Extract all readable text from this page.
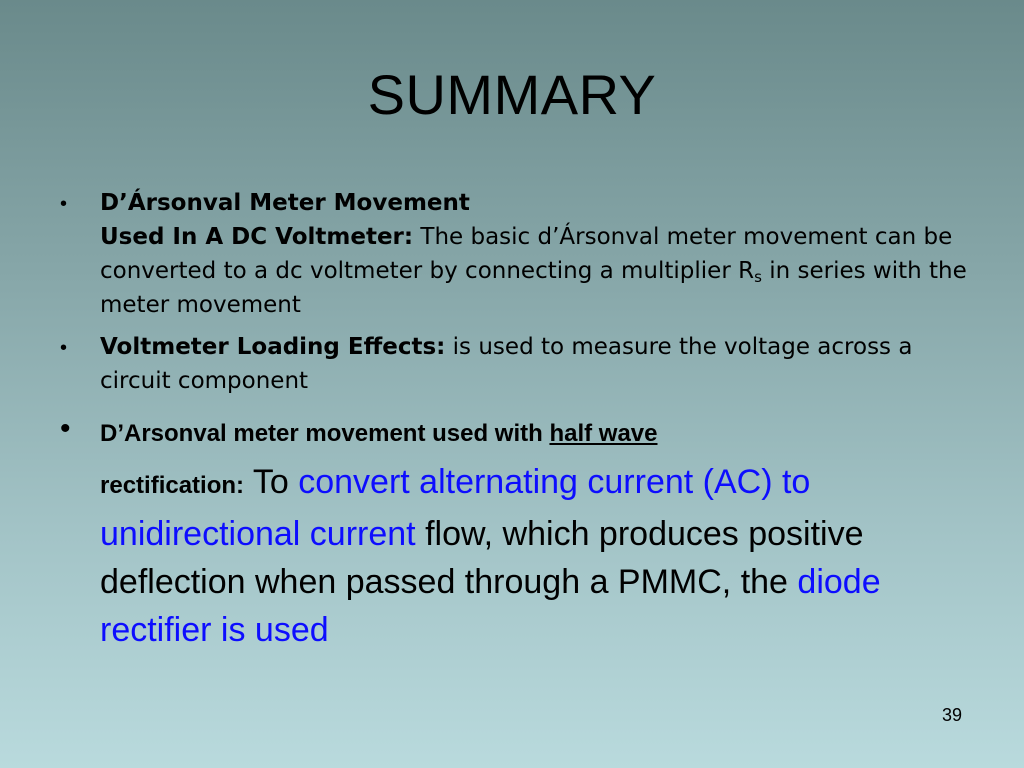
SUMMARY
• D’Ársonval Meter Movement
Used In A DC Voltmeter: The basic d’Ársonval meter movement can be converted to a dc voltmeter by connecting a multiplier $R_s$ in series with the meter movement
• Voltmeter Loading Effects: is used to measure the voltage across a circuit component
• D’Arsonval meter movement used with half wave
rectification: To convert alternating current (AC) to unidirectional current flow, which produces positive deflection when passed through a PMMC, the diode rectifier is used
39
